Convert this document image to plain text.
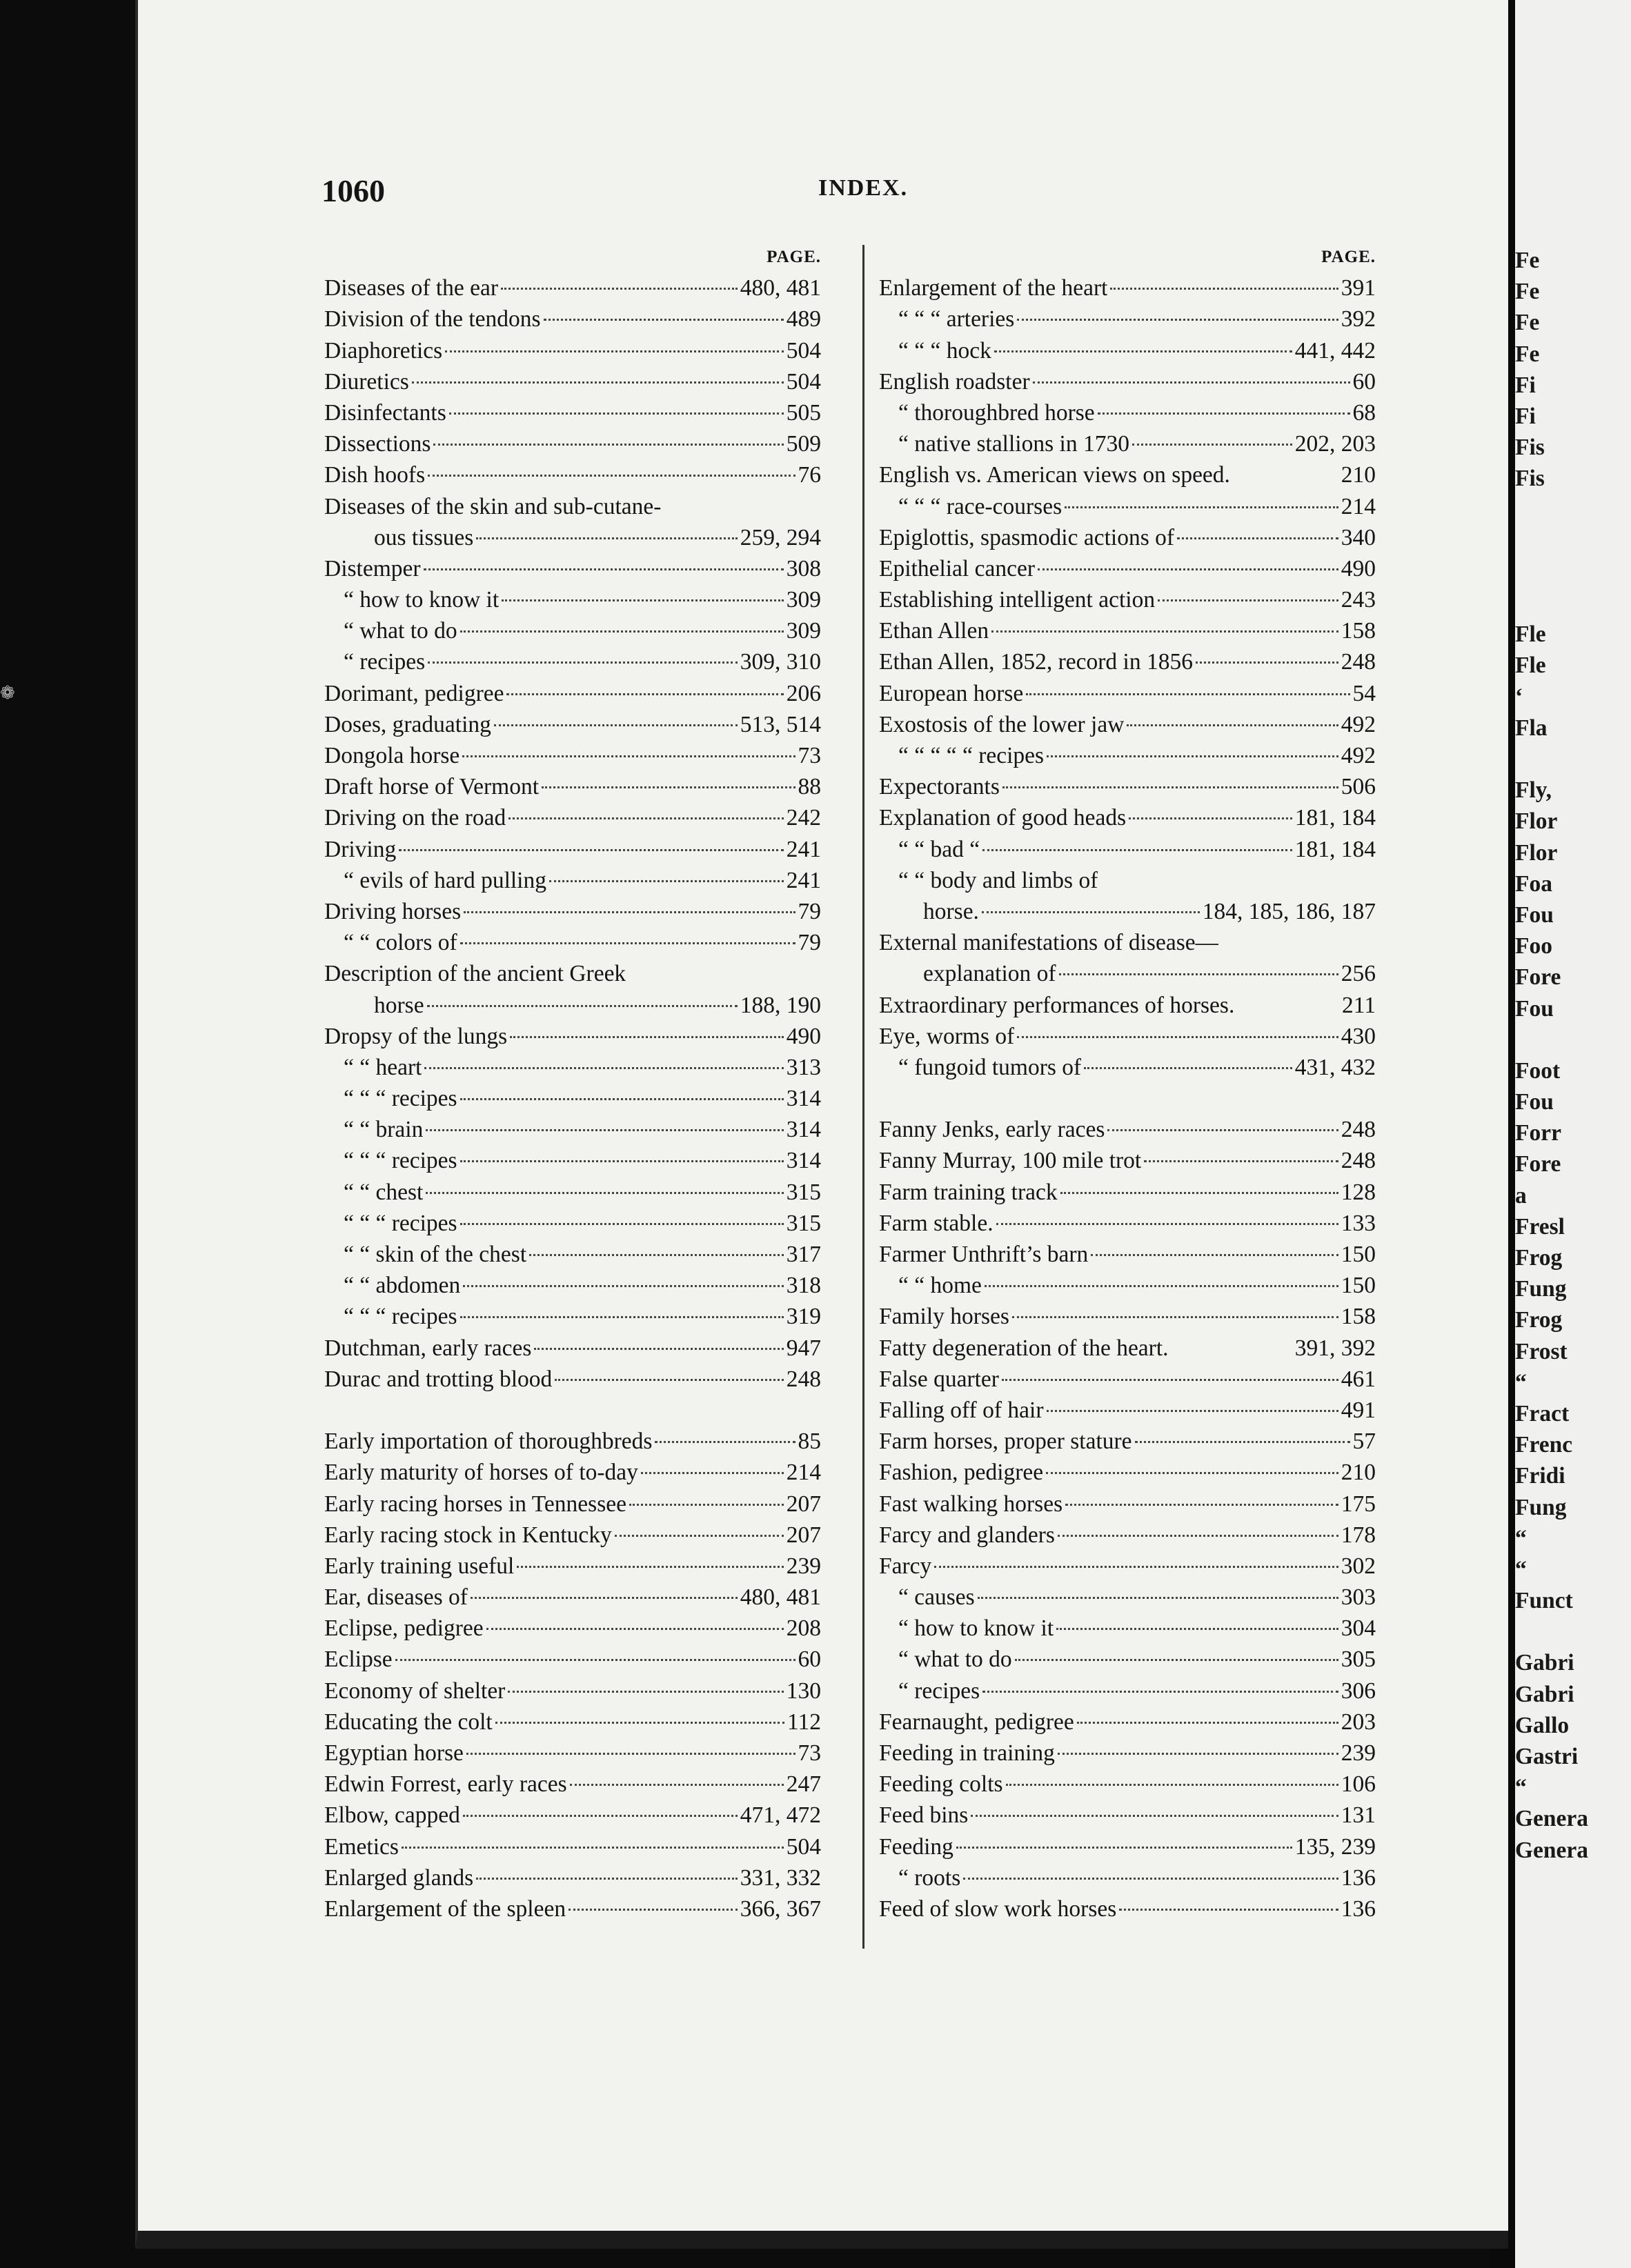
1060	INDEX.
PAGE.
Diseases of the ear	480, 481
Division of the tendons	489
Diaphoretics	504
Diuretics	504
Disinfectants	505
Dissections	509
Dish hoofs	76
Diseases of the skin and sub-cutane-
ous tissues	259, 294
Distemper	308
“ how to know it	309
“ what to do	309
“ recipes	309, 310
Dorimant, pedigree	206
Doses, graduating	513, 514
Dongola horse	73
Draft horse of Vermont	88
Driving on the road	242
Driving	241
“ evils of hard pulling	241
Driving horses	79
“ “ colors of	79
Description of the ancient Greek
horse	188, 190
Dropsy of the lungs	490
“ “ heart	313
“ “ “ recipes	314
“ “ brain	314
“ “ “ recipes	314
“ “ chest	315
“ “ “ recipes	315
“ “ skin of the chest	317
“ “ abdomen	318
“ “ “ recipes	319
Dutchman, early races	947
Durac and trotting blood	248
Early importation of thoroughbreds	85
Early maturity of horses of to-day	214
Early racing horses in Tennessee	207
Early racing stock in Kentucky	207
Early training useful	239
Ear, diseases of	480, 481
Eclipse, pedigree	208
Eclipse	60
Economy of shelter	130
Educating the colt	112
Egyptian horse	73
Edwin Forrest, early races	247
Elbow, capped	471, 472
Emetics	504
Enlarged glands	331, 332
Enlargement of the spleen	366, 367
PAGE.
Enlargement of the heart	391
“ “ “ arteries	392
“ “ “ hock	441, 442
English roadster	60
“ thoroughbred horse	68
“ native stallions in 1730	202, 203
English vs. American views on speed.	210
“ “ “ race-courses	214
Epiglottis, spasmodic actions of	340
Epithelial cancer	490
Establishing intelligent action	243
Ethan Allen	158
Ethan Allen, 1852, record in 1856	248
European horse	54
Exostosis of the lower jaw	492
“ “ “ “ “ recipes	492
Expectorants	506
Explanation of good heads	181, 184
“ “ bad “	181, 184
“ “ body and limbs of
horse.	184, 185, 186, 187
External manifestations of disease—
explanation of	256
Extraordinary performances of horses.	211
Eye, worms of	430
“ fungoid tumors of	431, 432
Fanny Jenks, early races	248
Fanny Murray, 100 mile trot	248
Farm training track	128
Farm stable.	133
Farmer Unthrift’s barn	150
“ “ home	150
Family horses	158
Fatty degeneration of the heart.	391, 392
False quarter	461
Falling off of hair	491
Farm horses, proper stature	57
Fashion, pedigree	210
Fast walking horses	175
Farcy and glanders	178
Farcy	302
“ causes	303
“ how to know it	304
“ what to do	305
“ recipes	306
Fearnaught, pedigree	203
Feeding in training	239
Feeding colts	106
Feed bins	131
Feeding	135, 239
“ roots	136
Feed of slow work horses	136
Fe
Fe
Fe
Fe
Fi
Fi
Fis
Fis
Fle
Fle
‘
Fla
Fly,
Flor
Flor
Foa
Fou
Foo
Fore
Fou
Foot
Fou
Forr
Fore
a
Fresl
Frog
Fung
Frog
Frost
“
Fract
Frenc
Fridi
Fung
“
“
Funct
Gabri
Gabri
Gallo
Gastri
“
Genera
Genera
❁
